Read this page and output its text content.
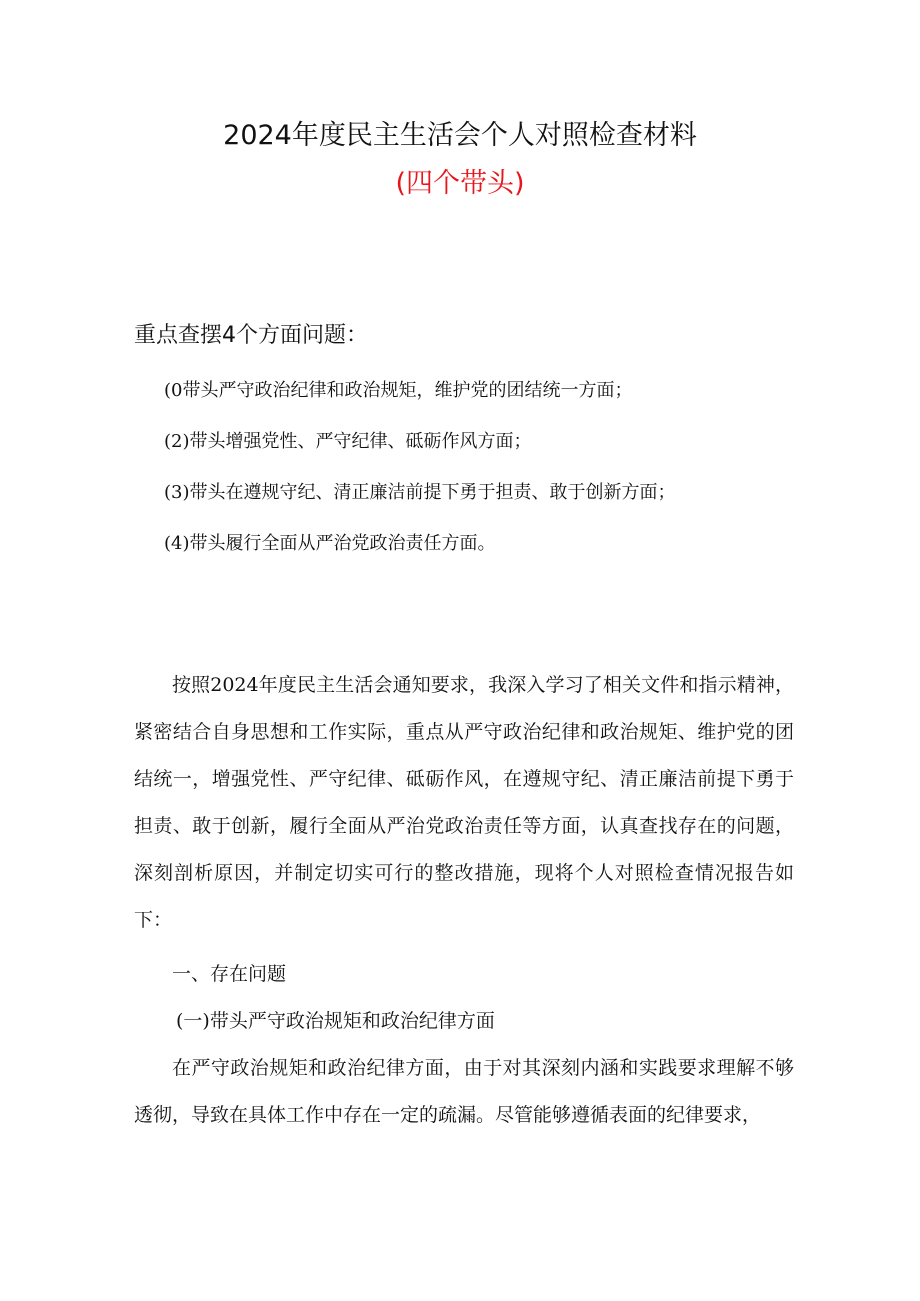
2024年度民主生活会个人对照检查材料
(四个带头)
重点查摆4个方面问题：
(0带头严守政治纪律和政治规矩，维护党的团结统一方面；
(2)带头增强党性、严守纪律、砥砺作风方面；
(3)带头在遵规守纪、清正廉洁前提下勇于担责、敢于创新方面；
(4)带头履行全面从严治党政治责任方面。

按照2024年度民主生活会通知要求，我深入学习了相关文件和指示精神，紧密结合自身思想和工作实际，重点从严守政治纪律和政治规矩、维护党的团结统一，增强党性、严守纪律、砥砺作风，在遵规守纪、清正廉洁前提下勇于担责、敢于创新，履行全面从严治党政治责任等方面，认真查找存在的问题，深刻剖析原因，并制定切实可行的整改措施，现将个人对照检查情况报告如下：

一、存在问题

(一)带头严守政治规矩和政治纪律方面

在严守政治规矩和政治纪律方面，由于对其深刻内涵和实践要求理解不够透彻，导致在具体工作中存在一定的疏漏。尽管能够遵循表面的纪律要求，
